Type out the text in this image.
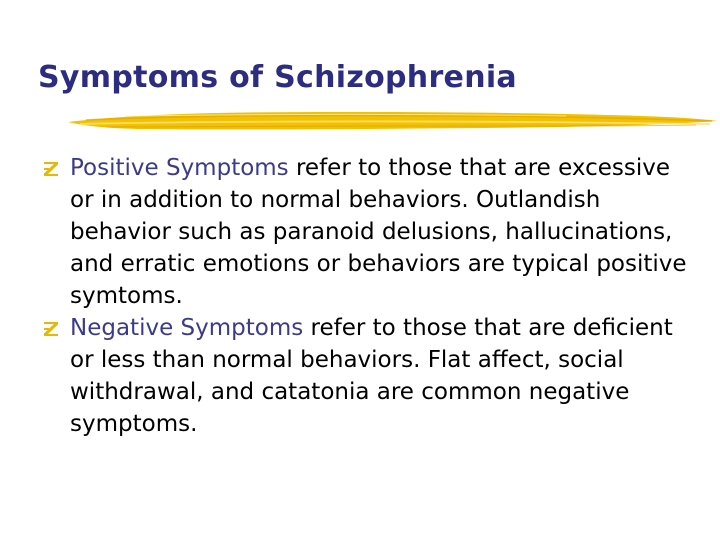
Symptoms of Schizophrenia

Positive Symptoms refer to those that are excessive or in addition to normal behaviors. Outlandish behavior such as paranoid delusions, hallucinations, and erratic emotions or behaviors are typical positive symtoms.

Negative Symptoms refer to those that are deficient or less than normal behaviors. Flat affect, social withdrawal, and catatonia are common negative symptoms.
